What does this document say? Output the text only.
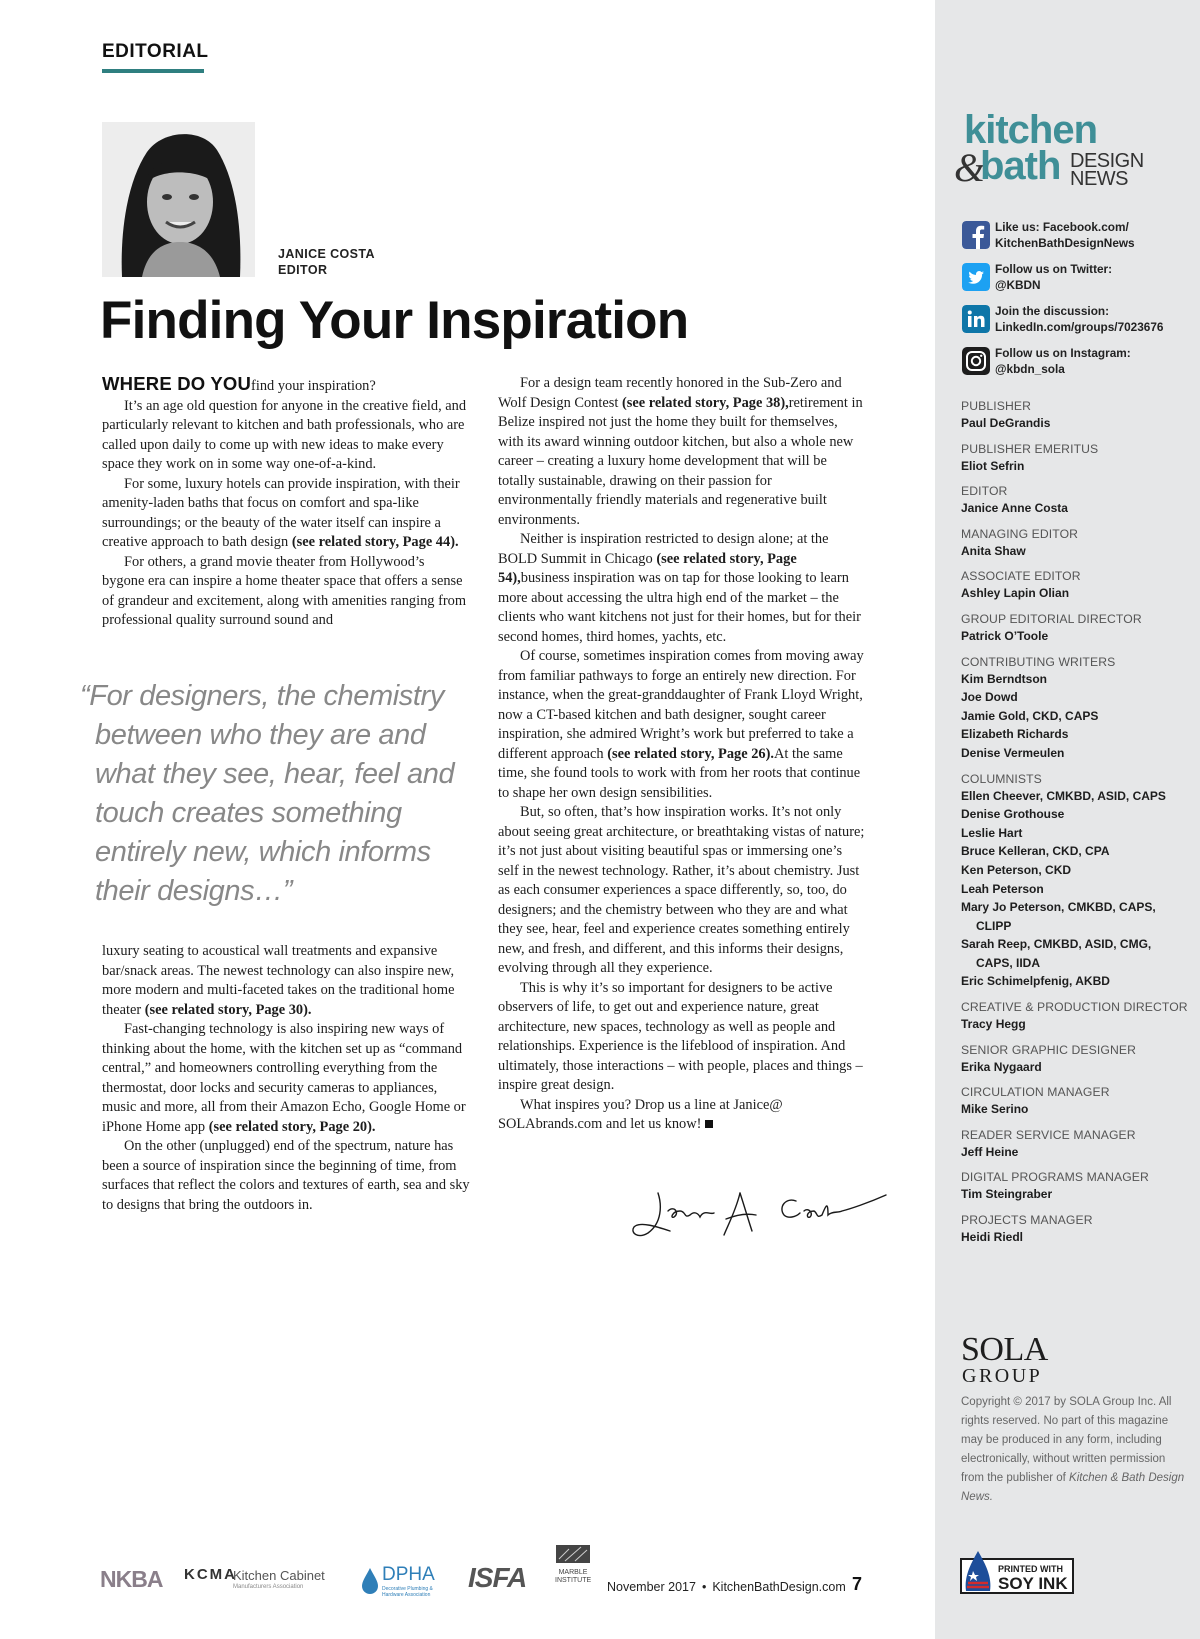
EDITORIAL
JANICE COSTA
EDITOR
Finding Your Inspiration

WHERE DO YOUfind your inspiration?

It’s an age old question for anyone in the creative field, and particularly relevant to kitchen and bath professionals, who are called upon daily to come up with new ideas to make every space they work on in some way one-of-a-kind.

For some, luxury hotels can provide inspiration, with their amenity-laden baths that focus on comfort and spa-like surroundings; or the beauty of the water itself can inspire a creative approach to bath design (see related story, Page 44).

For others, a grand movie theater from Hollywood’s bygone era can inspire a home theater space that offers a sense of grandeur and excitement, along with amenities ranging from professional quality surround sound and

“For designers, the chemistry
between who they are and
what they see, hear, feel and
touch creates something
entirely new, which informs
their designs…”

luxury seating to acoustical wall treatments and expansive bar/snack areas. The newest technology can also inspire new, more modern and multi-faceted takes on the traditional home theater (see related story, Page 30).

Fast-changing technology is also inspiring new ways of thinking about the home, with the kitchen set up as “command central,” and homeowners controlling everything from the thermostat, door locks and security cameras to appliances, music and more, all from their Amazon Echo, Google Home or iPhone Home app (see related story, Page 20).

On the other (unplugged) end of the spectrum, nature has been a source of inspiration since the beginning of time, from surfaces that reflect the colors and textures of earth, sea and sky to designs that bring the outdoors in.

For a design team recently honored in the Sub-Zero and Wolf Design Contest (see related story, Page 38),retirement in Belize inspired not just the home they built for themselves, with its award winning outdoor kitchen, but also a whole new career – creating a luxury home development that will be totally sustainable, drawing on their passion for environmentally friendly materials and regenerative built environments.

Neither is inspiration restricted to design alone; at the BOLD Summit in Chicago (see related story, Page 54),business inspiration was on tap for those looking to learn more about accessing the ultra high end of the market – the clients who want kitchens not just for their homes, but for their second homes, third homes, yachts, etc.

Of course, sometimes inspiration comes from moving away from familiar pathways to forge an entirely new direction. For instance, when the great-granddaughter of Frank Lloyd Wright, now a CT-based kitchen and bath designer, sought career inspiration, she admired Wright’s work but preferred to take a different approach (see related story, Page 26).At the same time, she found tools to work with from her roots that continue to shape her own design sensibilities.

But, so often, that’s how inspiration works. It’s not only about seeing great architecture, or breathtaking vistas of nature; it’s not just about visiting beautiful spas or immersing one’s self in the newest technology. Rather, it’s about chemistry. Just as each consumer experiences a space differently, so, too, do designers; and the chemistry between who they are and what they see, hear, feel and experience creates something entirely new, and fresh, and different, and this informs their designs, evolving through all they experience.

This is why it’s so important for designers to be active observers of life, to get out and experience nature, great architecture, new spaces, technology as well as people and relationships. Experience is the lifeblood of inspiration. And ultimately, those interactions – with people, places and things – inspire great design.

What inspires you? Drop us a line at Janice@ SOLAbrands.com and let us know!

kitchen
&
bath DESIGN
NEWS
Like us: Facebook.com/
KitchenBathDesignNews
Follow us on Twitter:
@KBDN
Join the discussion:
LinkedIn.com/groups/7023676
Follow us on Instagram:
@kbdn_sola
PUBLISHER
Paul DeGrandis
PUBLISHER EMERITUS
Eliot Sefrin
EDITOR
Janice Anne Costa
MANAGING EDITOR
Anita Shaw
ASSOCIATE EDITOR
Ashley Lapin Olian
GROUP EDITORIAL DIRECTOR
Patrick O’Toole
CONTRIBUTING WRITERS
Kim Berndtson
Joe Dowd
Jamie Gold, CKD, CAPS
Elizabeth Richards
Denise Vermeulen
COLUMNISTS
Ellen Cheever, CMKBD, ASID, CAPS
Denise Grothouse
Leslie Hart
Bruce Kelleran, CKD, CPA
Ken Peterson, CKD
Leah Peterson
Mary Jo Peterson, CMKBD, CAPS,
CLIPP
Sarah Reep, CMKBD, ASID, CMG,
CAPS, IIDA
Eric Schimelpfenig, AKBD
CREATIVE & PRODUCTION DIRECTOR
Tracy Hegg
SENIOR GRAPHIC DESIGNER
Erika Nygaard
CIRCULATION MANAGER
Mike Serino
READER SERVICE MANAGER
Jeff Heine
DIGITAL PROGRAMS MANAGER
Tim Steingraber
PROJECTS MANAGER
Heidi Riedl
SOLA
GROUP
Copyright © 2017 by SOLA Group Inc. All rights reserved. No part of this magazine may be produced in any form, including electronically, without written permission from the publisher of Kitchen & Bath Design News.
PRINTED WITH
SOY INK
NKBA KCMA
Kitchen Cabinet
Manufacturers Association
DPHA
Decorative Plumbing & Hardware Association
ISFA	MARBLE INSTITUTE November 2017 • KitchenBathDesign.com 7
